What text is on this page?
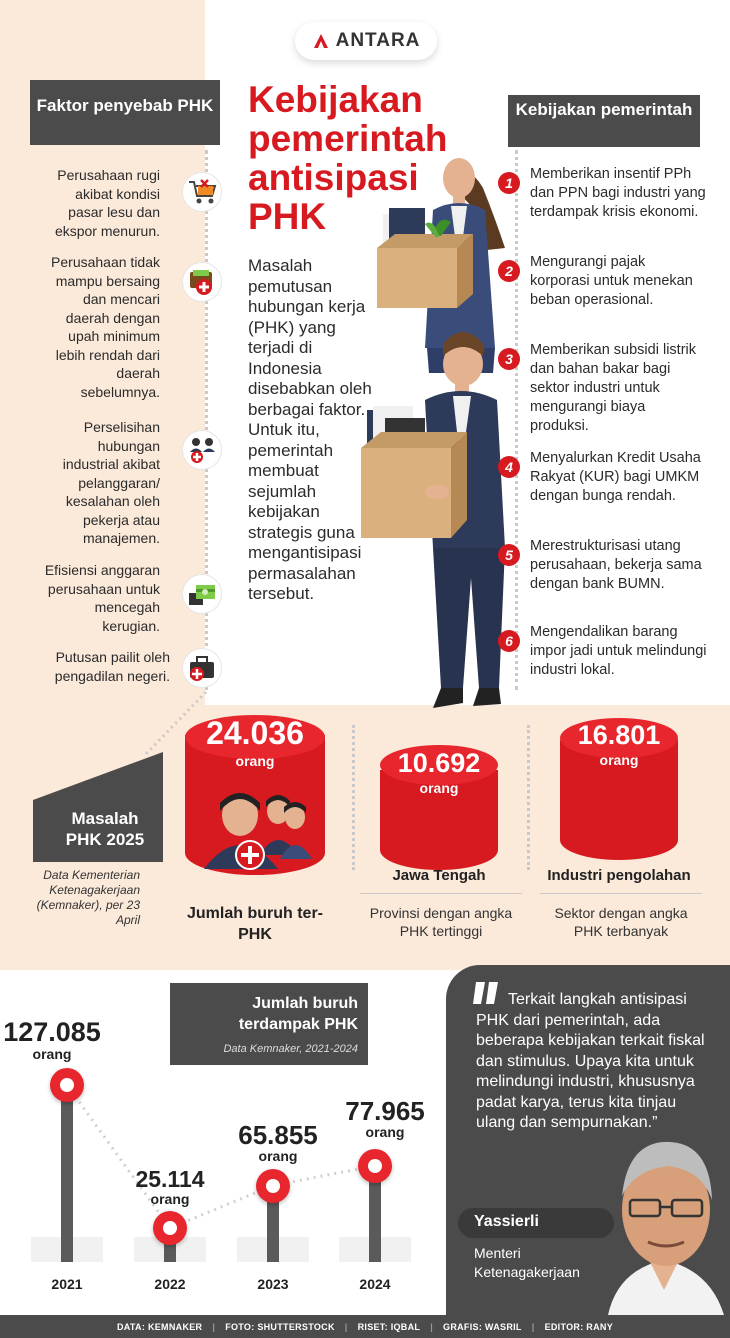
ANTARA
Kebijakan pemerintah antisipasi PHK
Faktor penyebab PHK
Perusahaan rugi akibat kondisi pasar lesu dan ekspor menurun.
Perusahaan tidak mampu bersaing dan mencari daerah dengan upah minimum lebih rendah dari daerah sebelumnya.
Perselisihan hubungan industrial akibat pelanggaran/ kesalahan oleh pekerja atau manajemen.
Efisiensi anggaran perusahaan untuk mencegah kerugian.
Putusan pailit oleh pengadilan negeri.
Masalah pemutusan hubungan kerja (PHK) yang terjadi di Indonesia disebabkan oleh berbagai faktor. Untuk itu, pemerintah membuat sejumlah kebijakan strategis guna mengantisipasi permasalahan tersebut.
Kebijakan pemerintah
1
Memberikan insentif PPh dan PPN bagi industri yang terdampak krisis ekonomi.
2
Mengurangi pajak korporasi untuk menekan beban operasional.
3
Memberikan subsidi listrik dan bahan bakar bagi sektor industri untuk mengurangi biaya produksi.
4
Menyalurkan Kredit Usaha Rakyat (KUR) bagi UMKM dengan bunga rendah.
5
Merestrukturisasi utang perusahaan, bekerja sama dengan bank BUMN.
6
Mengendalikan barang impor jadi untuk melindungi industri lokal.
Masalah PHK 2025
Data Kementerian Ketenagakerjaan (Kemnaker), per 23 April
24.036
orang
Jumlah buruh ter-PHK
10.692
orang
Jawa Tengah
Provinsi dengan angka PHK tertinggi
16.801
orang
Industri pengolahan
Sektor dengan angka PHK terbanyak
Jumlah buruh terdampak PHK
Data Kemnaker, 2021-2024
127.085
orang
2021
25.114
orang
2022
65.855
orang
2023
77.965
orang
2024
Terkait langkah antisipasi PHK dari pemerintah, ada beberapa kebijakan terkait fiskal dan stimulus. Upaya kita untuk melindungi industri, khususnya padat karya, terus kita tinjau ulang dan sempurnakan.”
Yassierli
Menteri Ketenagakerjaan
DATA: KEMNAKER | FOTO: SHUTTERSTOCK | RISET: IQBAL | GRAFIS: WASRIL | EDITOR: RANY
